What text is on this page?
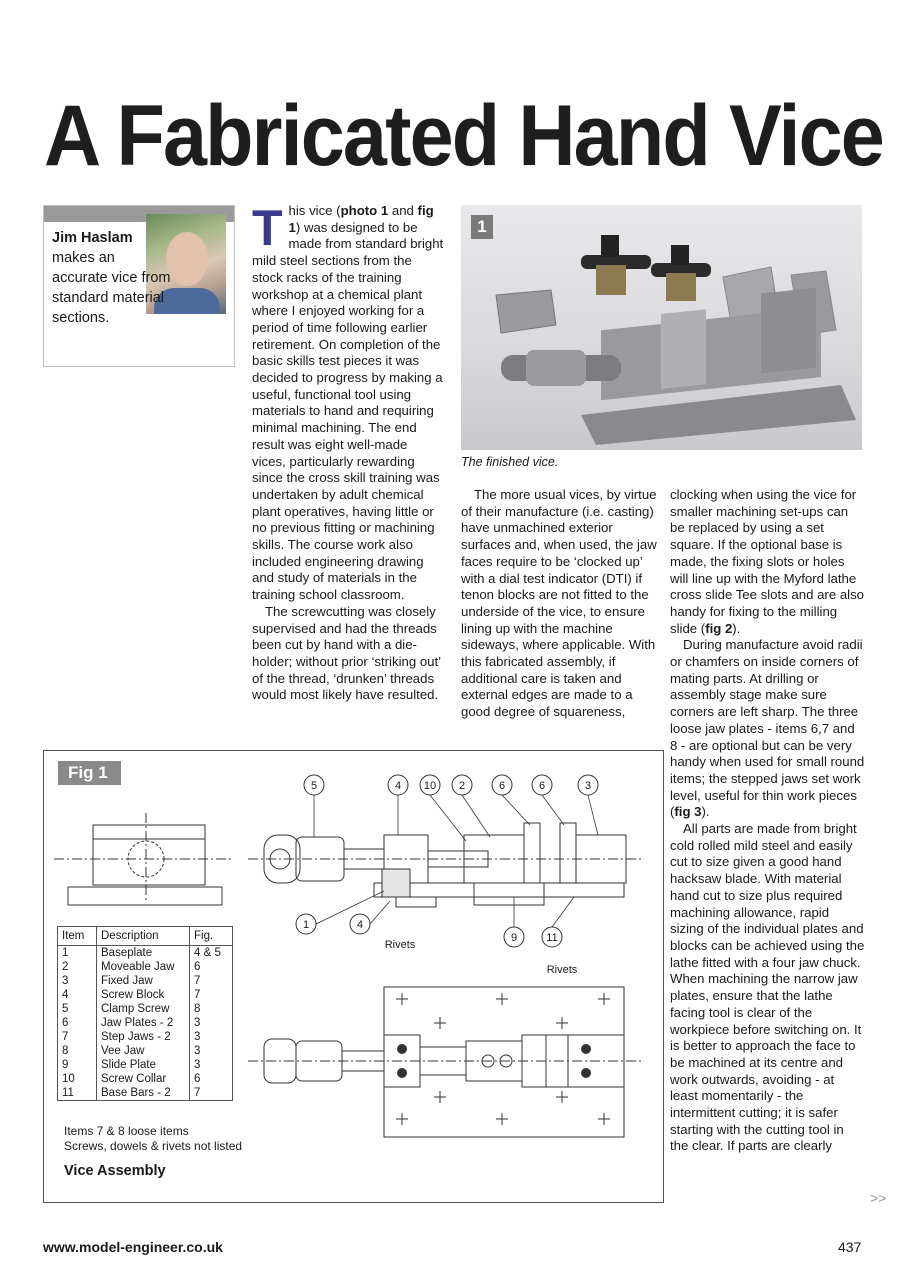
A Fabricated Hand Vice
Jim Haslam
makes an accurate vice from standard material sections.

This vice (photo 1 and fig 1) was designed to be made from standard bright mild steel sections from the stock racks of the training workshop at a chemical plant where I enjoyed working for a period of time following earlier retirement. On completion of the basic skills test pieces it was decided to progress by making a useful, functional tool using materials to hand and requiring minimal machining. The end result was eight well-made vices, particularly rewarding since the cross skill training was undertaken by adult chemical plant operatives, having little or no previous fitting or machining skills. The course work also included engineering drawing and study of materials in the training school classroom.

The screwcutting was closely supervised and had the threads been cut by hand with a die-holder; without prior ‘striking out’ of the thread, ‘drunken’ threads would most likely have resulted.

1
The finished vice.

The more usual vices, by virtue of their manufacture (i.e. casting) have unmachined exterior surfaces and, when used, the jaw faces require to be ‘clocked up’ with a dial test indicator (DTI) if tenon blocks are not fitted to the underside of the vice, to ensure lining up with the machine sideways, where applicable. With this fabricated assembly, if additional care is taken and external edges are made to a good degree of squareness,

clocking when using the vice for smaller machining set-ups can be replaced by using a set square. If the optional base is made, the fixing slots or holes will line up with the Myford lathe cross slide Tee slots and are also handy for fixing to the milling slide (fig 2).

During manufacture avoid radii or chamfers on inside corners of mating parts. At drilling or assembly stage make sure corners are left sharp. The three loose jaw plates - items 6,7 and 8 - are optional but can be very handy when used for small round items; the stepped jaws set work level, useful for thin work pieces (fig 3).

All parts are made from bright cold rolled mild steel and easily cut to size given a good hand hacksaw blade. With material hand cut to size plus required machining allowance, rapid sizing of the individual plates and blocks can be achieved using the lathe fitted with a four jaw chuck. When machining the narrow jaw plates, ensure that the lathe facing tool is clear of the workpiece before switching on. It is better to approach the face to be machined at its centre and work outwards, avoiding - at least momentarily - the intermittent cutting; it is safer starting with the cutting tool in the clear. If parts are clearly

>>
Fig 1
5	4 10 2	6	6	3
1	4
9	11
Rivets
Rivets
Item	Description	Fig.
1	Baseplate	4 & 5
2	Moveable Jaw	6
3	Fixed Jaw	7
4	Screw Block	7
5	Clamp Screw	8
6	Jaw Plates - 2	3
7	Step Jaws - 2	3
8	Vee Jaw	3
9	Slide Plate	3
10	Screw Collar	6
11	Base Bars - 2	7
Items 7 & 8 loose items
Screws, dowels & rivets not listed
Vice Assembly
www.model-engineer.co.uk	437
